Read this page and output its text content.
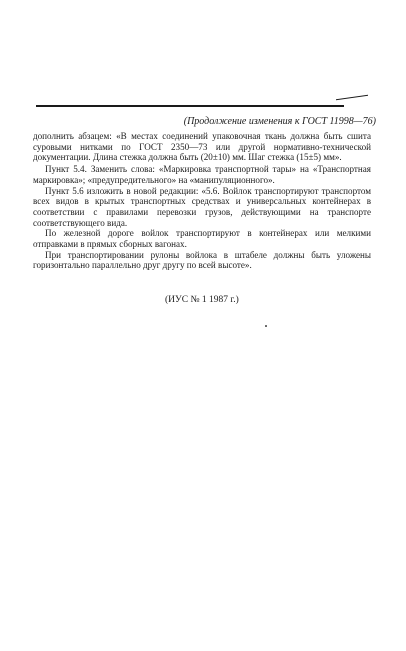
(Продолжение изменения к ГОСТ 11998—76)

дополнить абзацем: «В местах соединений упаковочная ткань должна быть сшита суровыми нитками по ГОСТ 2350—73 или другой нормативно-технической документации. Длина стежка должна быть (20±10) мм. Шаг стежка (15±5) мм».

Пункт 5.4. Заменить слова: «Маркировка транспортной тары» на «Транспортная маркировка»; «предупредительного» на «манипуляционного».

Пункт 5.6 изложить в новой редакции: «5.6. Войлок транспортируют транспортом всех видов в крытых транспортных средствах и универсальных контейнерах в соответствии с правилами перевозки грузов, действующими на транспорте соответствующего вида.

По железной дороге войлок транспортируют в контейнерах или мелкими отправками в прямых сборных вагонах.

При транспортировании рулоны войлока в штабеле должны быть уложены горизонтально параллельно друг другу по всей высоте».

(ИУС № 1 1987 г.)
